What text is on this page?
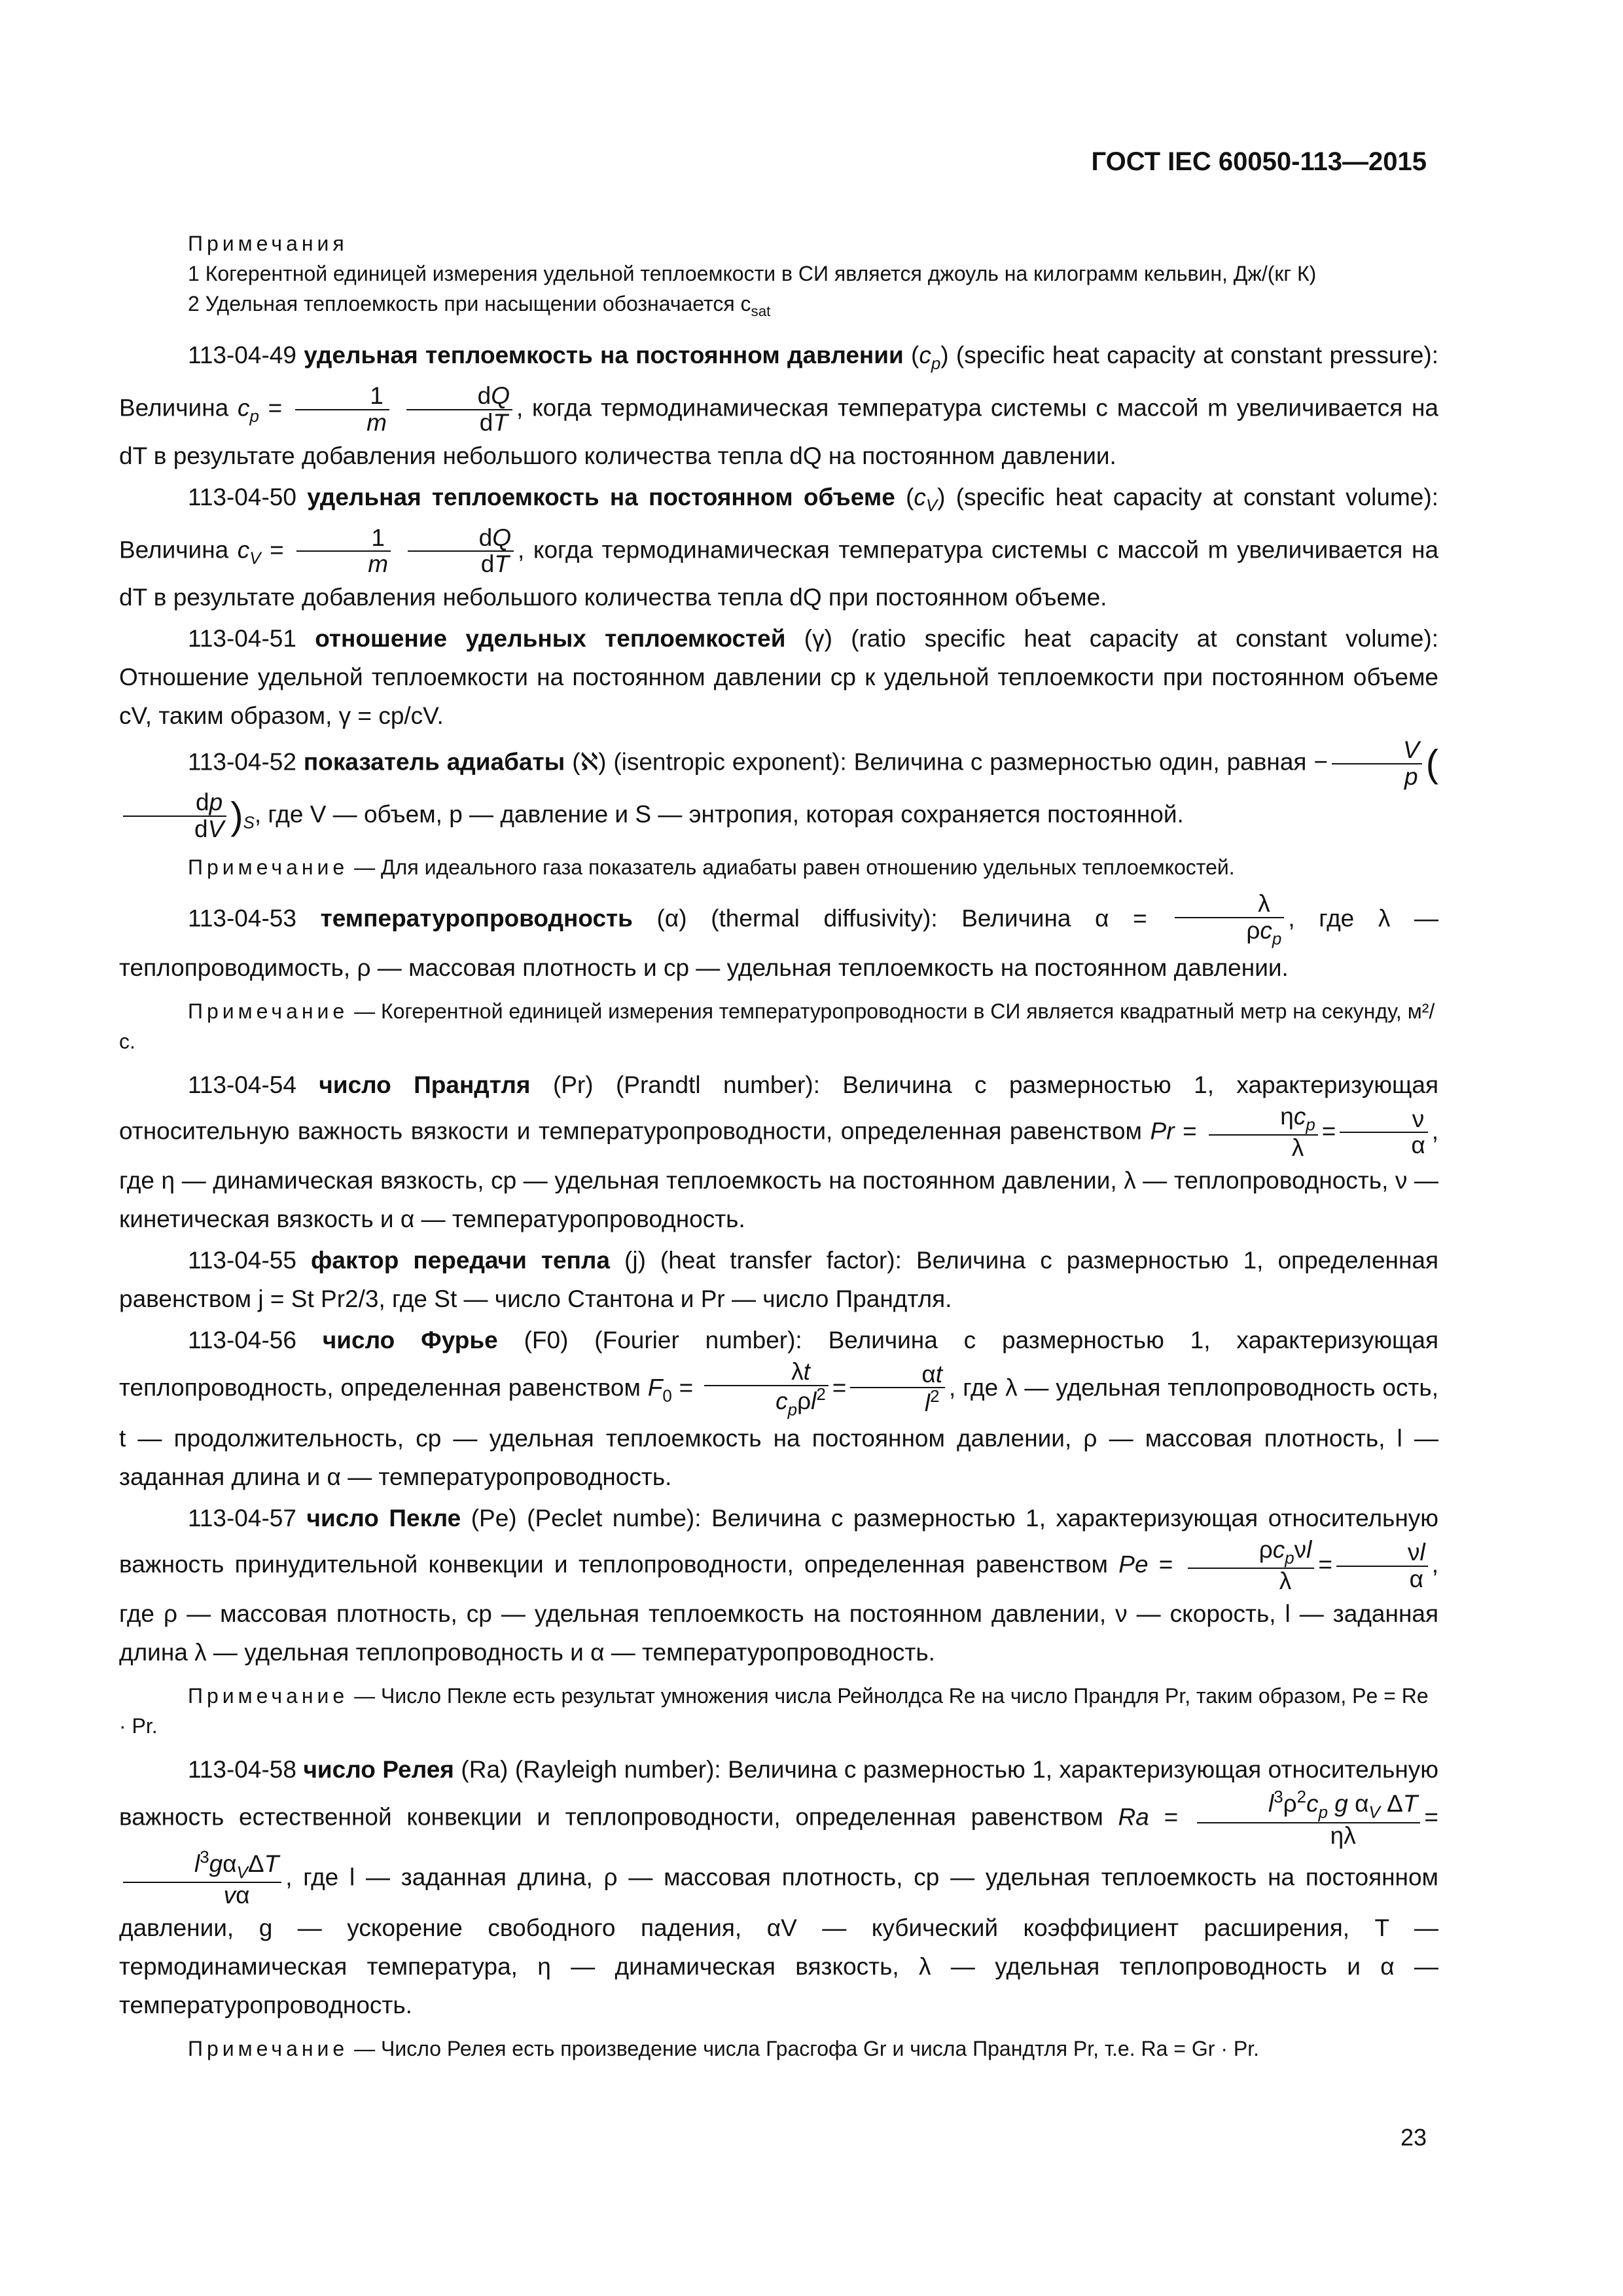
ГОСТ IEC 60050-113—2015
Примечания
1 Когерентной единицей измерения удельной теплоемкости в СИ является джоуль на килограмм кельвин, Дж/(кг К)
2 Удельная теплоемкость при насыщении обозначается $c_{sat}$
113-04-49 удельная теплоемкость на постоянном давлении $(c_p)$ (specific heat capacity at constant pressure): Величина $c_p = \frac{1}{m}$
$\frac{dQ}{dT}$ , когда термодинамическая температура системы с массой m увеличивается на dT в результате добавления небольшого количества тепла dQ на постоянном давлении.
113-04-50 удельная теплоемкость на постоянном объеме $(c_V)$ (specific heat capacity at constant volume): Величина $c_V = \frac{1}{m}$
$\frac{dQ}{dT}$ , когда термодинамическая температура системы с массой m увеличивается на dT в результате добавления небольшого количества тепла dQ при постоянном объеме.
113-04-51 отношение удельных теплоемкостей (γ) (ratio specific heat capacity at constant volume): Отношение удельной теплоемкости на постоянном давлении cp к удельной теплоемкости при постоянном объеме cV, таким образом, γ = cp/cV.
113-04-52 показатель адиабаты (ℵ) (isentropic exponent): Величина с размерностью один, равная − $\frac{V}{p}$ (
$\frac{dp}{dV} )_S$, где V — объем, p — давление и S — энтропия, которая сохраняется постоянной.
Примечание — Для идеального газа показатель адиабаты равен отношению удельных теплоемкостей.
113-04-53 температуропроводность (α) (thermal diffusivity): Величина α =
λ
$\rho c_p$
, где λ — теплопроводимость, ρ — массовая плотность и cp — удельная теплоемкость на постоянном давлении.
Примечание — Когерентной единицей измерения температуропроводности в СИ является квадратный метр на секунду, м²/с.
113-04-54 число Прандтля (Pr) (Prandtl number): Величина с размерностью 1, характеризующая относительную важность вязкости и температуропроводности, определенная равенством Pr =
$\eta c_p$
λ
= $\frac{\nu}{\alpha}$ , где η — динамическая вязкость, cp — удельная теплоемкость на постоянном давлении, λ — теплопроводность, ν — кинетическая вязкость и α — температуропроводность.
113-04-55 фактор передачи тепла (j) (heat transfer factor): Величина с размерностью 1, определенная равенством j = St Pr2/3, где St — число Стантона и Pr — число Прандтля.
113-04-56 число Фурье (F0) (Fourier number): Величина с размерностью 1, характеризующая теплопроводность, определенная равенством $F_0$ =
λt
$c_p\rho l^2 = \frac{\alpha t}{l^2}$ , где λ — удельная теплопроводность ость, t — продолжительность, cp — удельная теплоемкость на постоянном давлении, ρ — массовая плотность, l — заданная длина и α — температуропроводность.
113-04-57 число Пекле (Pe) (Peclet numbe): Величина с размерностью 1, характеризующая относительную важность принудительной конвекции и теплопроводности, определенная равенством Pe =
$\rho c_p\nu l$
λ
= $\frac{\nu l}{\alpha}$ , где ρ — массовая плотность, cp — удельная теплоемкость на постоянном давлении, ν — скорость, l — заданная длина λ — удельная теплопроводность и α — температуропроводность.
Примечание — Число Пекле есть результат умножения числа Рейнолдса Re на число Прандля Pr, таким образом, Pe = Re · Pr.
113-04-58 число Релея (Ra) (Rayleigh number): Величина с размерностью 1, характеризующая относительную важность естественной конвекции и теплопроводности, определенная равенством $Ra = \frac{l^3\rho^2c_p g \alpha_V \Delta T}{\eta\lambda}$ =
$l^3g\alpha_V\Delta T$
vα
, где l — заданная длина, ρ — массовая плотность, cp — удельная теплоемкость на постоянном давлении, g — ускорение свободного падения, αV — кубический коэффициент расширения, T — термодинамическая температура, η — динамическая вязкость, λ — удельная теплопроводность и α — температуропроводность.
Примечание — Число Релея есть произведение числа Грасгофа Gr и числа Прандтля Pr, т.е. Ra = Gr · Pr.
23
